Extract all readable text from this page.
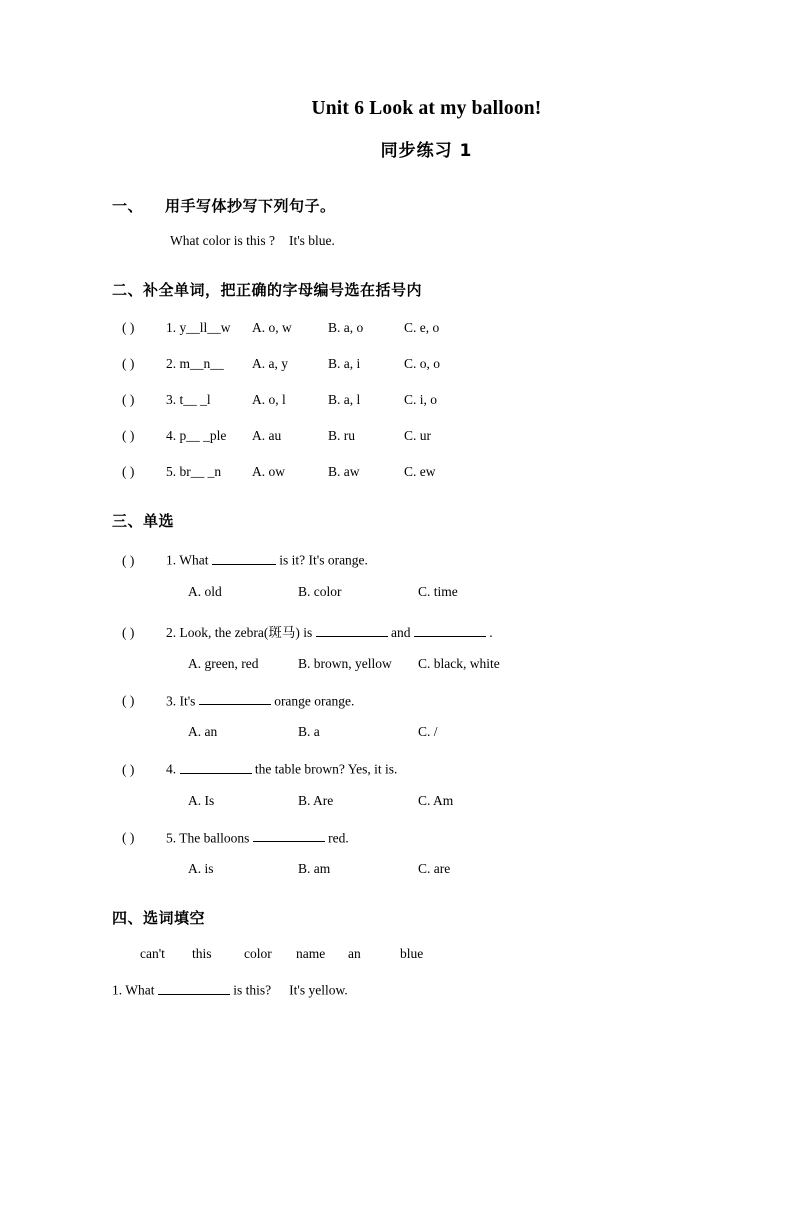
Unit 6 Look at my balloon!
同步练习 1
一、 用手写体抄写下列句子。
What color is this ? It's blue.
二、补全单词，把正确的字母编号选在括号内
( ) 1. y__ll__w A. o, w	B. a, o	C. e, o
( ) 2. m__n__ A. a, y	B. a, i	C. o, o
( ) 3. t__ _l	A. o, l	B. a, l	C. i, o
( ) 4. p__ _ple A. au	B. ru	C. ur
( ) 5. br__ _n A. ow	B. aw	C. ew
三、单选
( ) 1. What	is it? It's orange.
A. old	B. color	C. time
( ) 2. Look, the zebra(斑马) is	and	.
A. green, red	B. brown, yellow C. black, white
( ) 3. It's	orange orange.
A. an	B. a	C. /
( ) 4.	the table brown? Yes, it is.
A. Is	B. Are	C. Am
( ) 5. The balloons	red.
A. is	B. am	C. are
四、选词填空
can't this color name an	blue
1. What	is this? It's yellow.
